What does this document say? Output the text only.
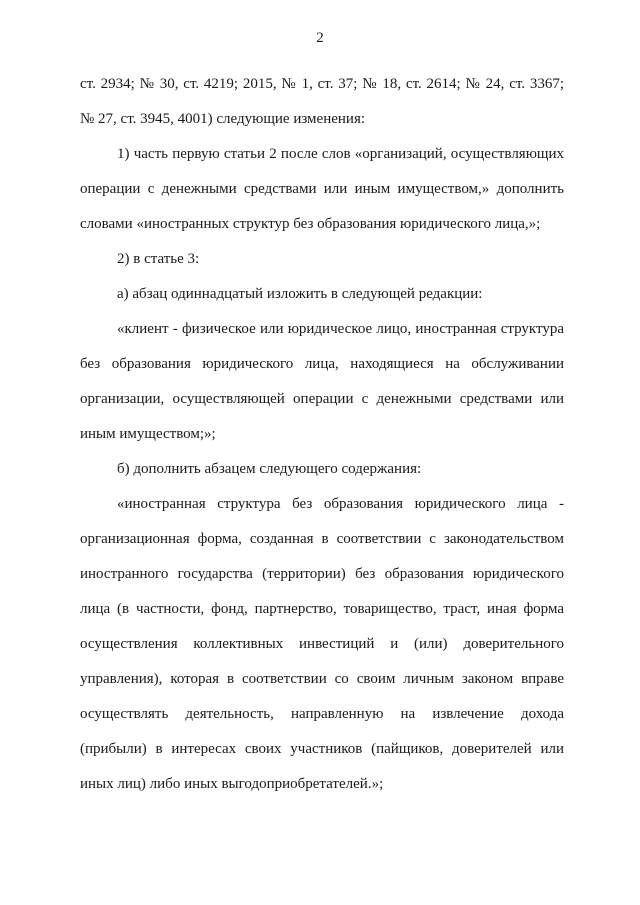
2
ст. 2934; № 30, ст. 4219; 2015, № 1, ст. 37; № 18, ст. 2614; № 24, ст. 3367;
№ 27, ст. 3945, 4001) следующие изменения:
1) часть первую статьи 2 после слов «организаций, осуществляющих
операции с денежными средствами или иным имуществом,» дополнить
словами «иностранных структур без образования юридического лица,»;
2) в статье 3:
а) абзац одиннадцатый изложить в следующей редакции:
«клиент - физическое или юридическое лицо, иностранная структура
без образования юридического лица, находящиеся на обслуживании
организации, осуществляющей операции с денежными средствами или
иным имуществом;»;
б) дополнить абзацем следующего содержания:
«иностранная структура без образования юридического лица -
организационная форма, созданная в соответствии с законодательством
иностранного государства (территории) без образования юридического
лица (в частности, фонд, партнерство, товарищество, траст, иная форма
осуществления коллективных инвестиций и (или) доверительного
управления), которая в соответствии со своим личным законом вправе
осуществлять деятельность, направленную на извлечение дохода
(прибыли) в интересах своих участников (пайщиков, доверителей или
иных лиц) либо иных выгодоприобретателей.»;
